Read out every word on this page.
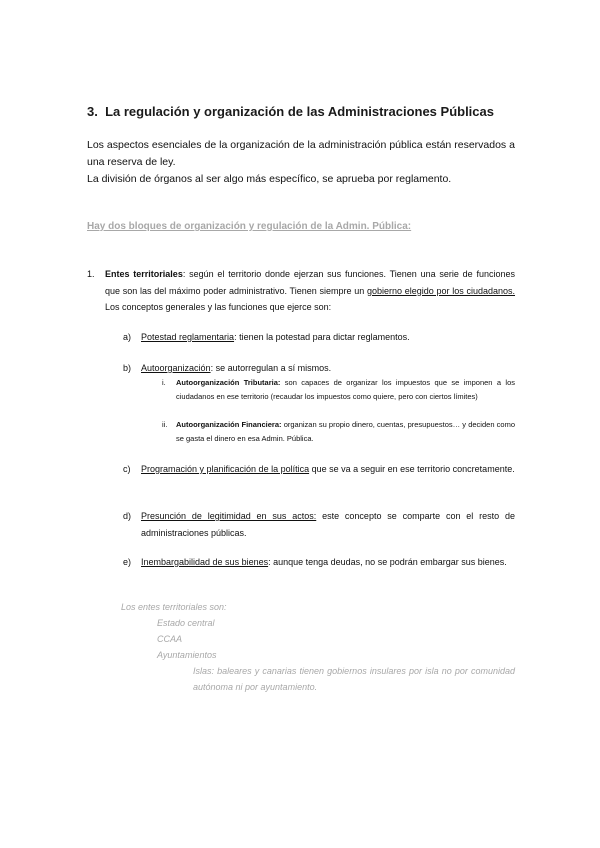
3. La regulación y organización de las Administraciones Públicas
Los aspectos esenciales de la organización de la administración pública están reservados a una reserva de ley.
La división de órganos al ser algo más específico, se aprueba por reglamento.
Hay dos bloques de organización y regulación de la Admin. Pública:
1. Entes territoriales: según el territorio donde ejerzan sus funciones. Tienen una serie de funciones que son las del máximo poder administrativo. Tienen siempre un gobierno elegido por los ciudadanos. Los conceptos generales y las funciones que ejerce son:
a) Potestad reglamentaria: tienen la potestad para dictar reglamentos.
b) Autoorganización: se autorregulan a sí mismos.
i. Autoorganización Tributaria: son capaces de organizar los impuestos que se imponen a los ciudadanos en ese territorio (recaudar los impuestos como quiere, pero con ciertos límites)
ii. Autoorganización Financiera: organizan su propio dinero, cuentas, presupuestos… y deciden como se gasta el dinero en esa Admin. Pública.
c) Programación y planificación de la política que se va a seguir en ese territorio concretamente.
d) Presunción de legitimidad en sus actos: este concepto se comparte con el resto de administraciones públicas.
e) Inembargabilidad de sus bienes: aunque tenga deudas, no se podrán embargar sus bienes.
Los entes territoriales son:
Estado central
CCAA
Ayuntamientos
Islas: baleares y canarias tienen gobiernos insulares por isla no por comunidad autónoma ni por ayuntamiento.
